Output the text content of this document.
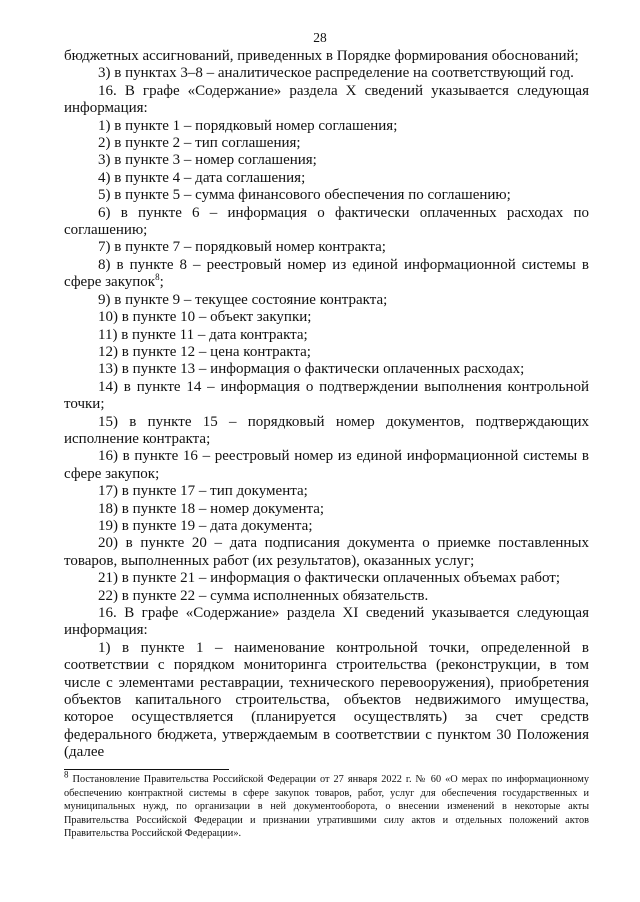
28

бюджетных ассигнований, приведенных в Порядке формирования обоснований;

3) в пунктах 3–8 – аналитическое распределение на соответствующий год.

16. В графе «Содержание» раздела X сведений указывается следующая информация:

1) в пункте 1 – порядковый номер соглашения;

2) в пункте 2 – тип соглашения;

3) в пункте 3 – номер соглашения;

4) в пункте 4 – дата соглашения;

5) в пункте 5 – сумма финансового обеспечения по соглашению;

6) в пункте 6 – информация о фактически оплаченных расходах по соглашению;

7) в пункте 7 – порядковый номер контракта;

8) в пункте 8 – реестровый номер из единой информационной системы в сфере закупок$^8$;

9) в пункте 9 – текущее состояние контракта;

10) в пункте 10 – объект закупки;

11) в пункте 11 – дата контракта;

12) в пункте 12 – цена контракта;

13) в пункте 13 – информация о фактически оплаченных расходах;

14) в пункте 14 – информация о подтверждении выполнения контрольной точки;

15) в пункте 15 – порядковый номер документов, подтверждающих исполнение контракта;

16) в пункте 16 – реестровый номер из единой информационной системы в сфере закупок;

17) в пункте 17 – тип документа;

18) в пункте 18 – номер документа;

19) в пункте 19 – дата документа;

20) в пункте 20 – дата подписания документа о приемке поставленных товаров, выполненных работ (их результатов), оказанных услуг;

21) в пункте 21 – информация о фактически оплаченных объемах работ;

22) в пункте 22 – сумма исполненных обязательств.

16. В графе «Содержание» раздела XI сведений указывается следующая информация:

1) в пункте 1 – наименование контрольной точки, определенной в соответствии с порядком мониторинга строительства (реконструкции, в том числе с элементами реставрации, технического перевооружения), приобретения объектов капитального строительства, объектов недвижимого имущества, которое осуществляется (планируется осуществлять) за счет средств федерального бюджета, утверждаемым в соответствии с пунктом 30 Положения (далее

$^8$ Постановление Правительства Российской Федерации от 27 января 2022 г. № 60 «О мерах по информационному обеспечению контрактной системы в сфере закупок товаров, работ, услуг для обеспечения государственных и муниципальных нужд, по организации в ней документооборота, о внесении изменений в некоторые акты Правительства Российской Федерации и признании утратившими силу актов и отдельных положений актов Правительства Российской Федерации».
